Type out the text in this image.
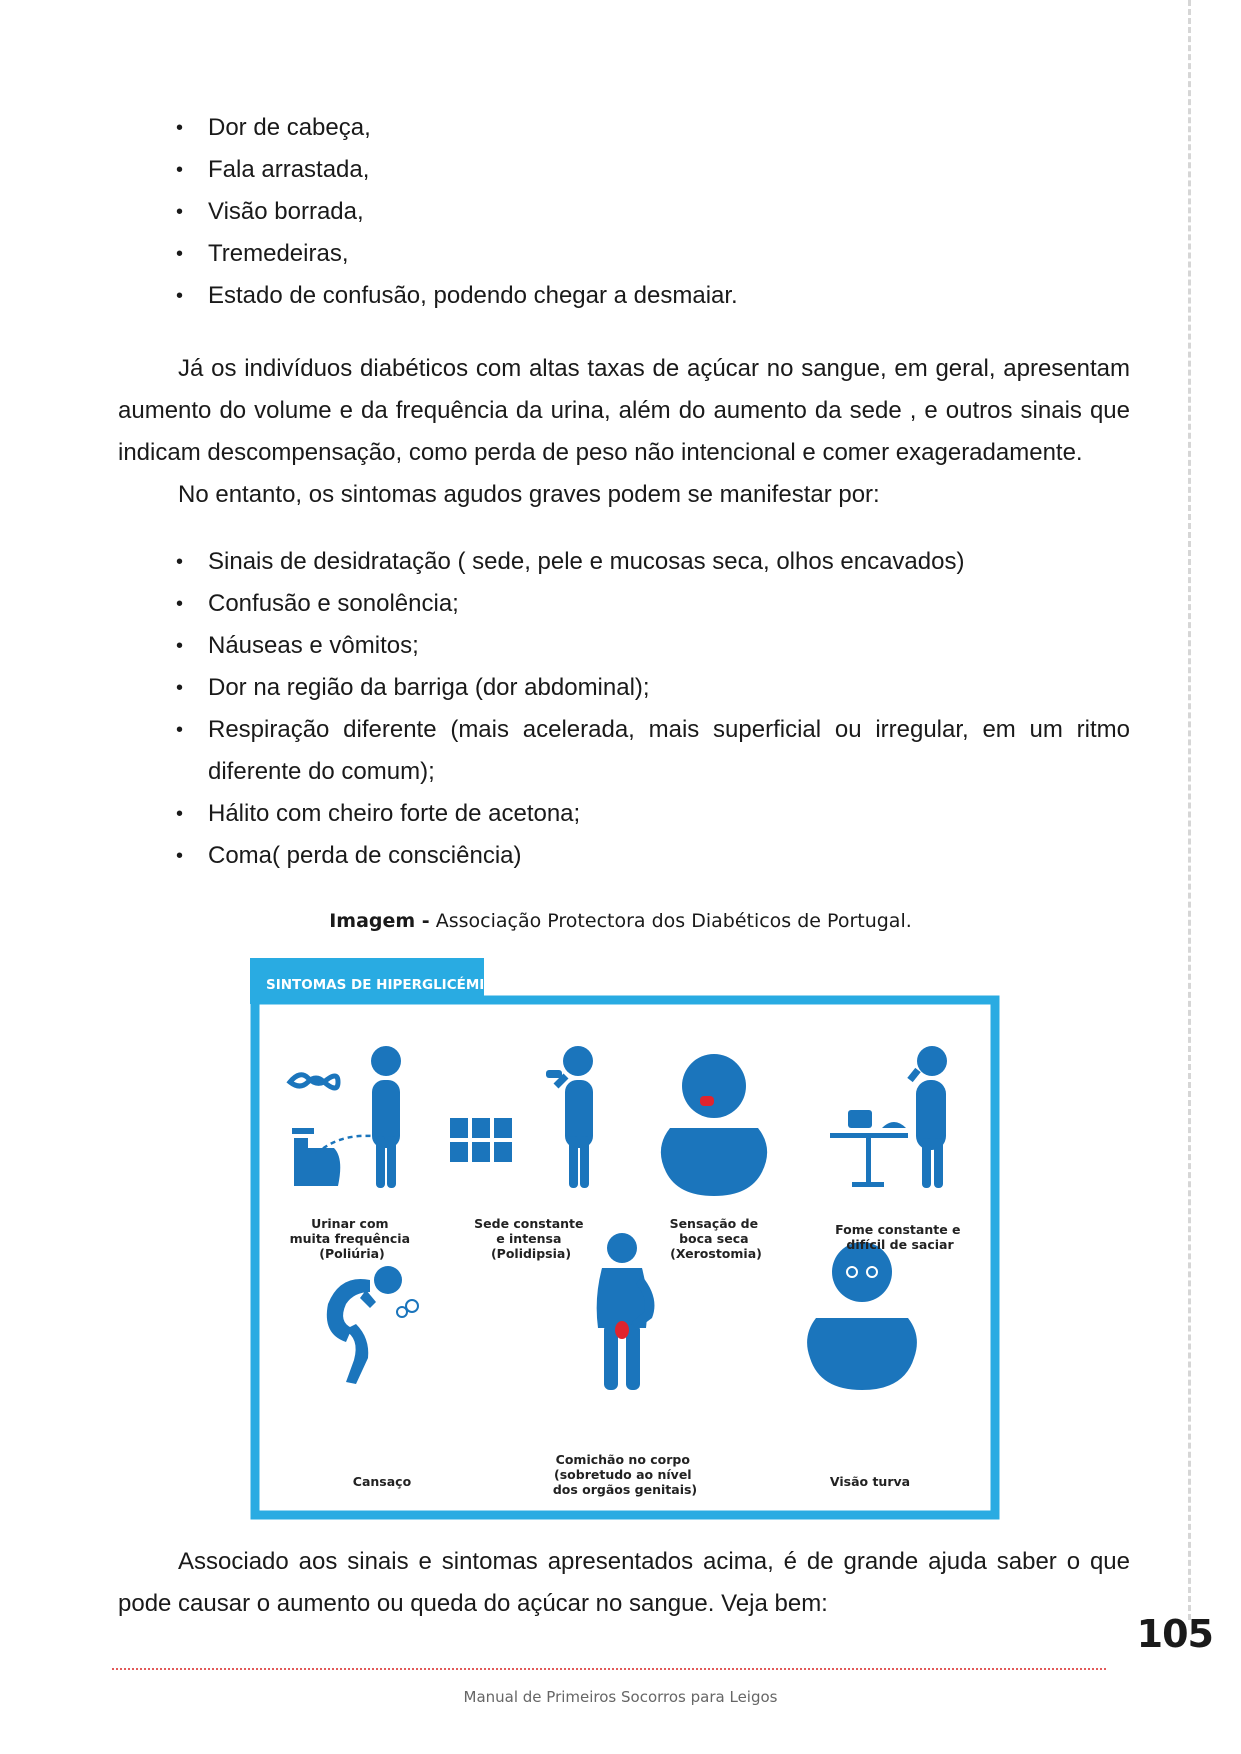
• Dor de cabeça,
• Fala arrastada,
• Visão borrada,
• Tremedeiras,
• Estado de confusão, podendo chegar a desmaiar.

Já os indivíduos diabéticos com altas taxas de açúcar no sangue, em geral, apresentam aumento do volume e da frequência da urina, além do aumento da sede , e outros sinais que indicam descompensação, como perda de peso não intencional e comer exageradamente.

No entanto, os sintomas agudos graves podem se manifestar por:

• Sinais de desidratação ( sede, pele e mucosas seca, olhos encavados)
• Confusão e sonolência;
• Náuseas e vômitos;
• Dor na região da barriga (dor abdominal);
• Respiração diferente (mais acelerada, mais superficial ou irregular, em um ritmo diferente do comum);
• Hálito com cheiro forte de acetona;
• Coma( perda de consciência)
Imagem - Associação Protectora dos Diabéticos de Portugal.
SINTOMAS DE HIPERGLICÉMIA
Urinar com muita frequência (Poliúria)
Sede constante e intensa (Polidipsia)
Sensação de boca seca (Xerostomia)
Fome constante e difícil de saciar
Cansaço
Comichão no corpo (sobretudo ao nível dos orgãos genitais)
Visão turva

Associado aos sinais e sintomas apresentados acima, é de grande ajuda saber o que pode causar o aumento ou queda do açúcar no sangue. Veja bem:

105
Manual de Primeiros Socorros para Leigos
